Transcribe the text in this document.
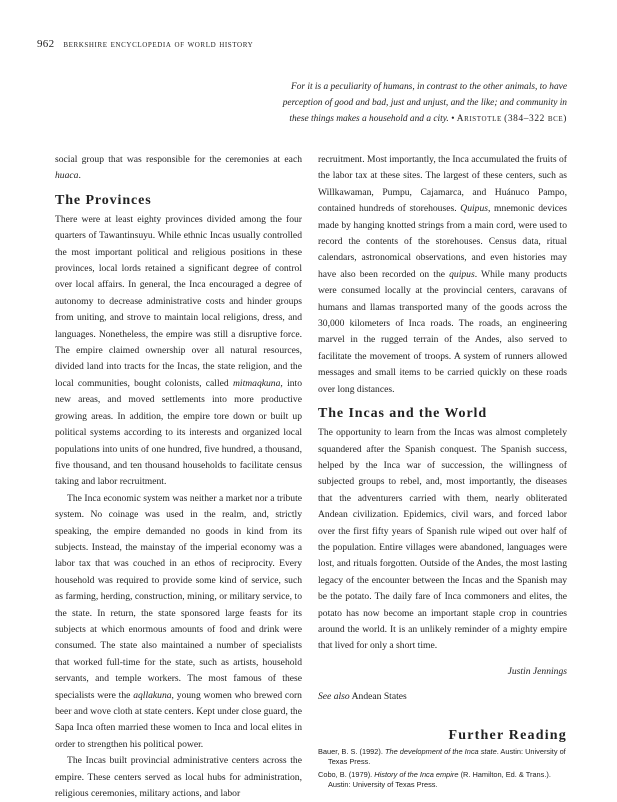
962 berkshire encyclopedia of world history
For it is a peculiarity of humans, in contrast to the other animals, to have
perception of good and bad, just and unjust, and the like; and community in
these things makes a household and a city. • Aristotle (384–322 bce)

social group that was responsible for the ceremonies at each huaca.

The Provinces

There were at least eighty provinces divided among the four quarters of Tawantinsuyu. While ethnic Incas usually controlled the most important political and religious positions in these provinces, local lords retained a significant degree of control over local affairs. In general, the Inca encouraged a degree of autonomy to decrease administrative costs and hinder groups from uniting, and strove to maintain local religions, dress, and languages. Nonetheless, the empire was still a disruptive force. The empire claimed ownership over all natural resources, divided land into tracts for the Incas, the state religion, and the local communities, bought colonists, called mitmaqkuna, into new areas, and moved settlements into more productive growing areas. In addition, the empire tore down or built up political systems according to its interests and organized local populations into units of one hundred, five hundred, a thousand, five thousand, and ten thousand households to facilitate census taking and labor recruitment.

The Inca economic system was neither a market nor a tribute system. No coinage was used in the realm, and, strictly speaking, the empire demanded no goods in kind from its subjects. Instead, the mainstay of the imperial economy was a labor tax that was couched in an ethos of reciprocity. Every household was required to provide some kind of service, such as farming, herding, construction, mining, or military service, to the state. In return, the state sponsored large feasts for its subjects at which enormous amounts of food and drink were consumed. The state also maintained a number of specialists that worked full-time for the state, such as artists, household servants, and temple workers. The most famous of these specialists were the aqllakuna, young women who brewed corn beer and wove cloth at state centers. Kept under close guard, the Sapa Inca often married these women to Inca and local elites in order to strengthen his political power.

The Incas built provincial administrative centers across the empire. These centers served as local hubs for administration, religious ceremonies, military actions, and labor

recruitment. Most importantly, the Inca accumulated the fruits of the labor tax at these sites. The largest of these centers, such as Willkawaman, Pumpu, Cajamarca, and Huánuco Pampo, contained hundreds of storehouses. Quipus, mnemonic devices made by hanging knotted strings from a main cord, were used to record the contents of the storehouses. Census data, ritual calendars, astronomical observations, and even histories may have also been recorded on the quipus. While many products were consumed locally at the provincial centers, caravans of humans and llamas transported many of the goods across the 30,000 kilometers of Inca roads. The roads, an engineering marvel in the rugged terrain of the Andes, also served to facilitate the movement of troops. A system of runners allowed messages and small items to be carried quickly on these roads over long distances.

The Incas and the World

The opportunity to learn from the Incas was almost completely squandered after the Spanish conquest. The Spanish success, helped by the Inca war of succession, the willingness of subjected groups to rebel, and, most importantly, the diseases that the adventurers carried with them, nearly obliterated Andean civilization. Epidemics, civil wars, and forced labor over the first fifty years of Spanish rule wiped out over half of the population. Entire villages were abandoned, languages were lost, and rituals forgotten. Outside of the Andes, the most lasting legacy of the encounter between the Incas and the Spanish may be the potato. The daily fare of Inca commoners and elites, the potato has now become an important staple crop in countries around the world. It is an unlikely reminder of a mighty empire that lived for only a short time.

Justin Jennings
See also Andean States
Further Reading
Bauer, B. S. (1992). The development of the Inca state. Austin: University of Texas Press.
Cobo, B. (1979). History of the Inca empire (R. Hamilton, Ed. & Trans.). Austin: University of Texas Press.
